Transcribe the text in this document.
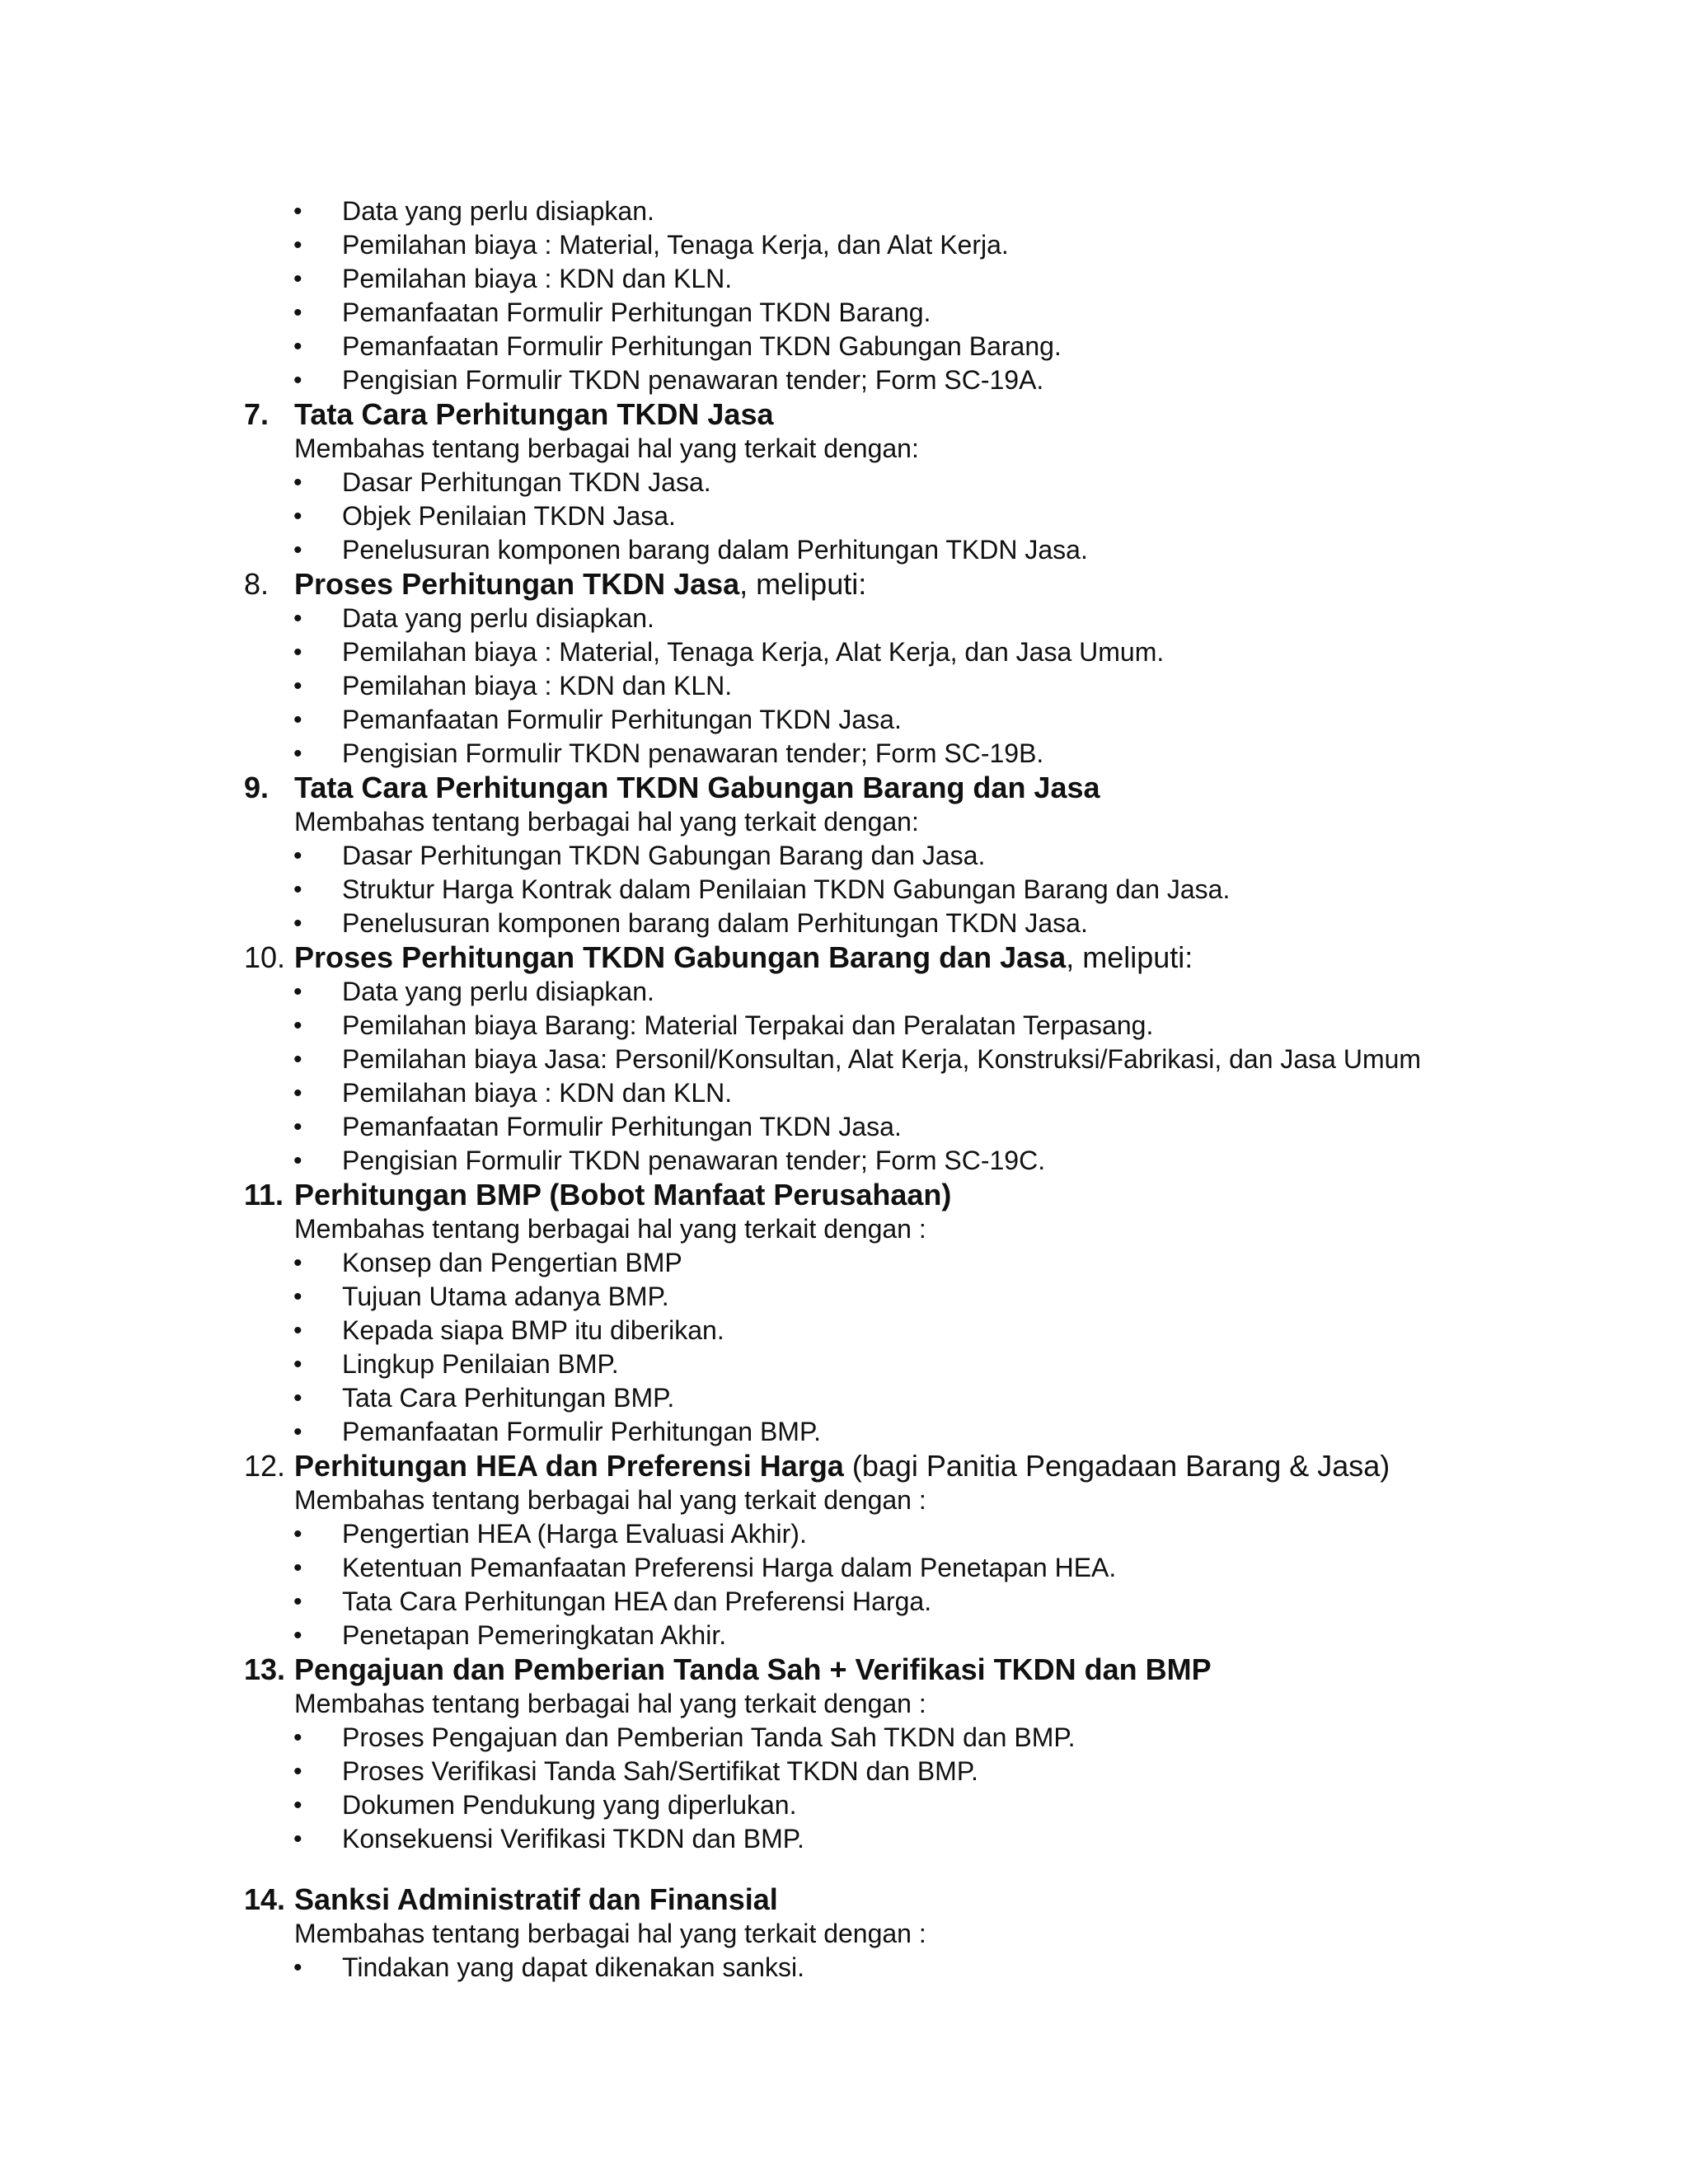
• Data yang perlu disiapkan.
• Pemilahan biaya : Material, Tenaga Kerja, dan Alat Kerja.
• Pemilahan biaya : KDN dan KLN.
• Pemanfaatan Formulir Perhitungan TKDN Barang.
• Pemanfaatan Formulir Perhitungan TKDN Gabungan Barang.
• Pengisian Formulir TKDN penawaran tender; Form SC-19A.
7. Tata Cara Perhitungan TKDN Jasa
Membahas tentang berbagai hal yang terkait dengan:
• Dasar Perhitungan TKDN Jasa.
• Objek Penilaian TKDN Jasa.
• Penelusuran komponen barang dalam Perhitungan TKDN Jasa.
8. Proses Perhitungan TKDN Jasa, meliputi:
• Data yang perlu disiapkan.
• Pemilahan biaya : Material, Tenaga Kerja, Alat Kerja, dan Jasa Umum.
• Pemilahan biaya : KDN dan KLN.
• Pemanfaatan Formulir Perhitungan TKDN Jasa.
• Pengisian Formulir TKDN penawaran tender; Form SC-19B.
9. Tata Cara Perhitungan TKDN Gabungan Barang dan Jasa
Membahas tentang berbagai hal yang terkait dengan:
• Dasar Perhitungan TKDN Gabungan Barang dan Jasa.
• Struktur Harga Kontrak dalam Penilaian TKDN Gabungan Barang dan Jasa.
• Penelusuran komponen barang dalam Perhitungan TKDN Jasa.
10. Proses Perhitungan TKDN Gabungan Barang dan Jasa, meliputi:
• Data yang perlu disiapkan.
• Pemilahan biaya Barang: Material Terpakai dan Peralatan Terpasang.
• Pemilahan biaya Jasa: Personil/Konsultan, Alat Kerja, Konstruksi/Fabrikasi, dan Jasa Umum
• Pemilahan biaya : KDN dan KLN.
• Pemanfaatan Formulir Perhitungan TKDN Jasa.
• Pengisian Formulir TKDN penawaran tender; Form SC-19C.
11. Perhitungan BMP (Bobot Manfaat Perusahaan)
Membahas tentang berbagai hal yang terkait dengan :
• Konsep dan Pengertian BMP
• Tujuan Utama adanya BMP.
• Kepada siapa BMP itu diberikan.
• Lingkup Penilaian BMP.
• Tata Cara Perhitungan BMP.
• Pemanfaatan Formulir Perhitungan BMP.
12. Perhitungan HEA dan Preferensi Harga (bagi Panitia Pengadaan Barang & Jasa)
Membahas tentang berbagai hal yang terkait dengan :
• Pengertian HEA (Harga Evaluasi Akhir).
• Ketentuan Pemanfaatan Preferensi Harga dalam Penetapan HEA.
• Tata Cara Perhitungan HEA dan Preferensi Harga.
• Penetapan Pemeringkatan Akhir.
13. Pengajuan dan Pemberian Tanda Sah + Verifikasi TKDN dan BMP
Membahas tentang berbagai hal yang terkait dengan :
• Proses Pengajuan dan Pemberian Tanda Sah TKDN dan BMP.
• Proses Verifikasi Tanda Sah/Sertifikat TKDN dan BMP.
• Dokumen Pendukung yang diperlukan.
• Konsekuensi Verifikasi TKDN dan BMP.
14. Sanksi Administratif dan Finansial
Membahas tentang berbagai hal yang terkait dengan :
• Tindakan yang dapat dikenakan sanksi.
